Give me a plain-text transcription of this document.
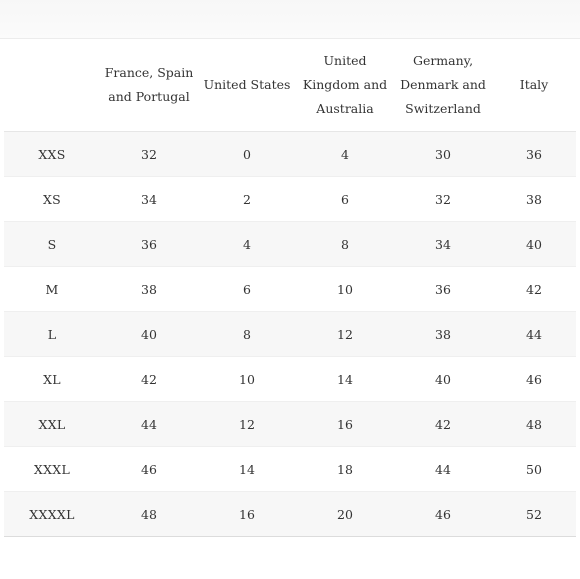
	France, Spain
and Portugal	United States	United
Kingdom and
Australia	Germany,
Denmark and
Switzerland	Italy
XXS	32	0	4	30	36
XS	34	2	6	32	38
S	36	4	8	34	40
M	38	6	10	36	42
L	40	8	12	38	44
XL	42	10	14	40	46
XXL	44	12	16	42	48
XXXL	46	14	18	44	50
XXXXL	48	16	20	46	52
